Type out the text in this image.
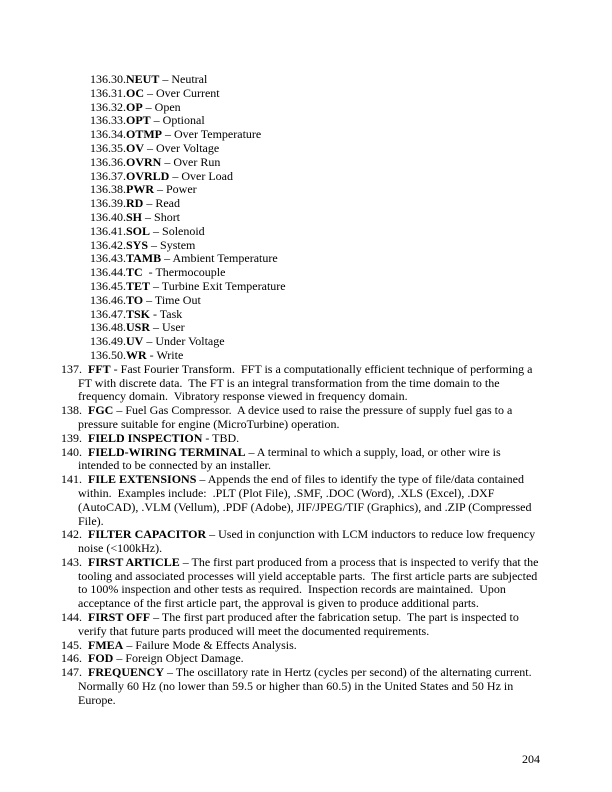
136.30.NEUT – Neutral
136.31.OC – Over Current
136.32.OP – Open
136.33.OPT – Optional
136.34.OTMP – Over Temperature
136.35.OV – Over Voltage
136.36.OVRN – Over Run
136.37.OVRLD – Over Load
136.38.PWR – Power
136.39.RD – Read
136.40.SH – Short
136.41.SOL – Solenoid
136.42.SYS – System
136.43.TAMB – Ambient Temperature
136.44.TC  - Thermocouple
136.45.TET – Turbine Exit Temperature
136.46.TO – Time Out
136.47.TSK - Task
136.48.USR – User
136.49.UV – Under Voltage
136.50.WR - Write
137. FFT - Fast Fourier Transform.  FFT is a computationally efficient technique of performing a FT with discrete data.  The FT is an integral transformation from the time domain to the frequency domain.  Vibratory response viewed in frequency domain.
138. FGC – Fuel Gas Compressor.  A device used to raise the pressure of supply fuel gas to a pressure suitable for engine (MicroTurbine) operation.
139. FIELD INSPECTION - TBD.
140. FIELD-WIRING TERMINAL – A terminal to which a supply, load, or other wire is intended to be connected by an installer.
141. FILE EXTENSIONS – Appends the end of files to identify the type of file/data contained within.  Examples include:  .PLT (Plot File), .SMF, .DOC (Word), .XLS (Excel), .DXF (AutoCAD), .VLM (Vellum), .PDF (Adobe), JIF/JPEG/TIF (Graphics), and .ZIP (Compressed File).
142. FILTER CAPACITOR – Used in conjunction with LCM inductors to reduce low frequency noise (<100kHz).
143. FIRST ARTICLE – The first part produced from a process that is inspected to verify that the tooling and associated processes will yield acceptable parts.  The first article parts are subjected to 100% inspection and other tests as required.  Inspection records are maintained.  Upon acceptance of the first article part, the approval is given to produce additional parts.
144. FIRST OFF – The first part produced after the fabrication setup.  The part is inspected to verify that future parts produced will meet the documented requirements.
145. FMEA – Failure Mode & Effects Analysis.
146. FOD – Foreign Object Damage.
147. FREQUENCY – The oscillatory rate in Hertz (cycles per second) of the alternating current.  Normally 60 Hz (no lower than 59.5 or higher than 60.5) in the United States and 50 Hz in Europe.
204
